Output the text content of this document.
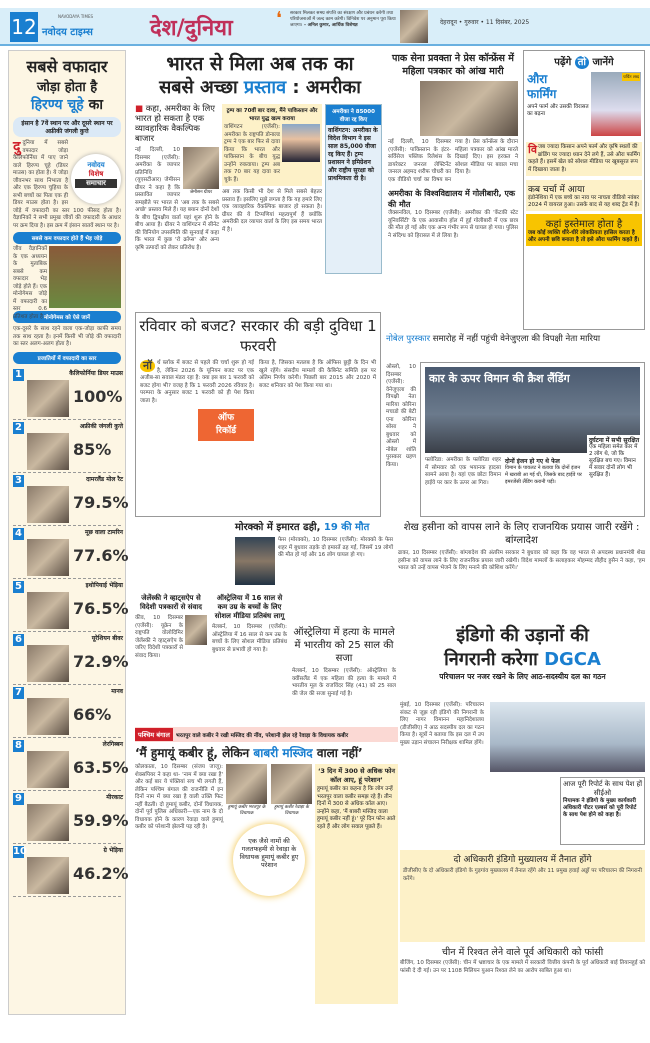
12	NAVODAYA TIMES
नवोदय टाइम्स	देश/दुनिया ❛ सरकार मिलकर समग्र संपत्ति का संरक्षण और प्रबंधन करेगी तथा परियोजनाओं में जल्द काम करेगी। विनिवेश पर अनुमान पूरा किया जाएगा। – अनिल कुमार, आर्थिक विशेषज्ञ	देहरादून • गुरुवार • 11 दिसंबर, 2025
सबसे वफादार
जोड़ा होता है
हिरण्य चूहे का
इंसान है 7वें स्थान पर और दूसरे स्थान पर अफ्रीकी जंगली कुत्ते
नवोदय
विशेष
समाचार
दुदुनिया में सबसे वफादार जोड़ा कैलिफोर्निया में पाए जाने वाले हिरण्य चूहे (डियर माउस) का होता है। ये जोड़ा जीवनभर साथ निभाता है और एक हिरण्य चुहिया के सभी बच्चों का पिता एक ही डियर माउस होता है। इस जोड़े में वफादारी का स्तर 100 फीसद होता है। वैज्ञानिकों ने सभी प्रमुख जीवों की वफादारी के आधार पर क्रम दिया है। इस क्रम में इंसान सातवें स्थान पर है।
सबसे कम वफादार होते हैं भेड़ जोड़े
जीव वैज्ञानिकों के एक अध्ययन के मुताबिक सबसे कम वफादार भेड़ जोड़े होते हैं। एक मोनोगेमस जोड़े में वफादारी का स्तर 0.6 प्रतिशत होता है। मोनोगेमस को ऐसे जानें
एक-दूसरे के साथ रहने वाला एक-जोड़ा काफी समय तक साथ रहता है। इनमें किसी भी जोड़े की वफादारी का स्तर अलग-अलग होता है।
प्रजातियों में वफादारी का स्तर
1	कैलिफोर्निया डियर माउस
100%
2	अफ्रीकी जंगली कुत्ते
85%
3	दामरलैंड मोल रैट
79.5%
4	मूछ वाला टामरिन
77.6%
5	इथोपियाई भेड़िया
76.5%
6	यूरेशियन बीवर
72.9%
7	मानव
66%
8	लेरगिब्बन
63.5%
9	मीरकाट
59.9%
10	ग्रे भेड़िया
46.2%
भारत से मिला अब तक का
सबसे अच्छा प्रस्ताव : अमरीका
■ कहा, अमरीका के लिए भारत हो सकता है एक व्यावहारिक वैकल्पिक बाजार
जेमीसन ग्रीयर
नई दिल्ली, 10 दिसम्बर (एजेंसी): अमरीका के व्यापार प्रतिनिधि (यूएसटीआर) जेमीसन ग्रीयर ने कहा है कि प्रस्तावित व्यापार समझौते पर भारत से 'अब तक के सबसे अच्छे' प्रस्ताव मिले हैं। यह बयान दोनों देशों के बीच द्विपक्षीय वार्ता यहां शुरू होने के बीच आया है। ग्रीयर ने वाशिंगटन में सीनेट की विनियोग उपसमिति की सुनवाई में कहा कि भारत में कुछ 'रो क्रॉप्स' और अन्य कृषि उत्पादों को लेकर प्रतिरोध है।
ट्रम्प का 70वीं बार दावा, मैंने पाकिस्तान और भारत युद्ध खत्म कराया
वाशिंगटन (एजेंसी): अमरीका के राष्ट्रपति डोनाल्ड ट्रम्प ने एक बार फिर से दावा किया कि भारत और पाकिस्तान के बीच युद्ध उन्होंने रुकवाया। ट्रम्प अब तक 70 बार यह दावा कर चुके हैं।
अब तक किसी भी देश से मिले सबसे बेहतर प्रस्ताव हैं। इसलिए मुझे लगता है कि यह हमारे लिए एक व्यावहारिक वैकल्पिक बाजार हो सकता है। ग्रीयर की ये टिप्पणियां महत्वपूर्ण हैं क्योंकि अमरीकी दल व्यापार वार्ता के लिए इस समय भारत में है।
अमरीका ने 85000 वीजा रद्द किए
वाशिंगटन: अमरीका के विदेश विभाग ने इस साल 85,000 वीजा रद्द किए हैं। ट्रम्प प्रशासन ने इमिग्रेशन और राष्ट्रीय सुरक्षा को प्राथमिकता दी है।
पाक सेना प्रवक्ता ने प्रेस कॉन्फ्रेंस में महिला पत्रकार को आंख मारी
नई दिल्ली, 10 दिसम्बर (एजेंसी): पाकिस्तान के इंटर-सर्विसेज पब्लिक रिलेशंस के डायरेक्टर जनरल लेफ्टिनेंट जनरल अहमद शरीफ चौधरी का एक वीडियो चर्चा का विषय बन गया है। प्रेस कॉन्फ्रेंस के दौरान महिला पत्रकार को आंख मारते दिखाई दिए। इस हरकत ने सोशल मीडिया पर बवाल मचा दिया है।
अमरीका के विश्वविद्यालय में गोलीबारी, एक की मौत
जैक्सनविल, 10 दिसम्बर (एजेंसी): अमरीका की 'केंटकी स्टेट यूनिवर्सिटी' के एक आवासीय हॉल में हुई गोलीबारी में एक छात्र की मौत हो गई और एक अन्य गंभीर रूप से घायल हो गया। पुलिस ने संदिग्ध को हिरासत में ले लिया है।
पढ़ेंगे तो जानेंगे
औरा
फार्मिंग
अपने फार्म और उसकी विरासत का बढ़ना
चर्चित शब्द
विजब ज्यादा किसान अपने फार्म और कृषि स्थलों की ब्रांडिंग पर ज्यादा ध्यान देने लगे हैं, उसे औरा फार्मिंग कहते हैं। इसमें खेत को सोशल मीडिया पर खूबसूरत रूप में दिखाया जाता है।
कब चर्चा में आया
इंडोनेशिया में एक बच्चे का नाव पर नाचता वीडियो नवंबर 2024 में वायरल हुआ। उसके बाद से यह शब्द ट्रेंड में है।
कहां इस्तेमाल होता है
जब कोई व्यक्ति धीरे-धीरे लोकप्रियता हासिल करता है और अपनी छवि बनाता है तो इसे औरा फार्मिंग कहते हैं।
रविवार को बजट? सरकार की बड़ी दुविधा 1 फरवरी
नॉ र्थ ब्लॉक में बजट से पहले की चर्चा शुरू हो गई है, लेकिन 2026 के यूनियन बजट पर एक अजीब-सा सवाल मंडरा रहा है: क्या इस बार 1 फरवरी को बजट होगा भी? वजह है कि 1 फरवरी 2026 रविवार है। परम्परा के अनुसार बजट 1 फरवरी को ही पेश किया जाता है।
ऑफ
रिकॉर्ड
किया है, जिसका मतलब है कि ऑफिस छुट्टी के दिन भी खुले रहेंगे। संसदीय मामलों की कैबिनेट समिति इस पर अंतिम निर्णय करेगी। पिछली बार 2015 और 2020 में बजट शनिवार को पेश किया गया था।
नोबेल पुरस्कार समारोह में नहीं पहुंची वेनेजुएला की विपक्षी नेता मारिया
ओस्लो, 10 दिसम्बर (एजेंसी): वेनेजुएला की विपक्षी नेता मारिया कोरिना मचाडो की बेटी एना कोरिना सोसा ने बुधवार को ओस्लो में नोबेल शांति पुरस्कार ग्रहण किया।
कार के ऊपर विमान की क्रैश लैंडिंग
दुर्घटना में सभी सुरक्षित
एक महिला समेत कार में 2 लोग थे, जो कि सुरक्षित बच गए। विमान में सवार दोनों लोग भी सुरक्षित हैं।
फ्लोरिडा: अमरीका के फ्लोरिडा शहर में सोमवार को एक भयानक हादसा सामने आया है। यहां एक छोटा विमान हाईवे पर कार के ऊपर आ गिरा।
दोनों इंजन हो गए थे फेल
विमान के पायलट ने बताया कि दोनों इंजन में खराबी आ गई थी, जिसके बाद हाईवे पर इमरजेंसी लैंडिंग करानी पड़ी।
मोरक्को में इमारत ढही, 19 की मौत
फेस (मोरक्को), 10 दिसम्बर (एजेंसी): मोरक्को के फेस शहर में बुधवार तड़के दो इमारतें ढह गईं, जिसमें 19 लोगों की मौत हो गई और 16 लोग घायल हो गए।
शेख हसीना को वापस लाने के लिए राजनयिक प्रयास जारी रखेंगे : बांग्लादेश
ढाका, 10 दिसम्बर (एजेंसी): बांग्लादेश की अंतरिम सरकार ने बुधवार को कहा कि वह भारत से अपदस्थ प्रधानमंत्री शेख हसीना को वापस लाने के लिए राजनयिक प्रयास जारी रखेगी। विदेश मामलों के सलाहकार मोहम्मद तौहीद हुसैन ने कहा, 'हम भारत को उन्हें वापस भेजने के लिए मनाने की कोशिश करेंगे।'
जेलेंस्की ने व्हाट्सऐप से विदेशी पत्रकारों से संवाद
कीव, 10 दिसम्बर (एजेंसी): यूक्रेन के राष्ट्रपति वोलोदिमिर जेलेंस्की ने व्हाट्सऐप के जरिए विदेशी पत्रकारों से संवाद किया।
ऑस्ट्रेलिया में 16 साल से कम उम्र के बच्चों के लिए सोशल मीडिया प्रतिबंध लागू
मेलबर्न, 10 दिसम्बर (एजेंसी): ऑस्ट्रेलिया में 16 साल से कम उम्र के बच्चों के लिए सोशल मीडिया प्रतिबंध बुधवार से प्रभावी हो गया है।
ऑस्ट्रेलिया में हत्या के मामले में भारतीय को 25 साल की सजा
मेलबर्न, 10 दिसम्बर (एजेंसी): ऑस्ट्रेलिया के क्वींसलैंड में एक महिला की हत्या के मामले में भारतीय मूल के राजविंदर सिंह (41) को 25 साल की जेल की सजा सुनाई गई है।
इंडिगो की उड़ानों की
निगरानी करेगा DGCA
परिचालन पर नजर रखने के लिए आठ-सदस्यीय दल का गठन
मुंबई, 10 दिसम्बर (एजेंसी): परिचालन संकट से जूझ रही इंडिगो की निगरानी के लिए नागर विमानन महानिदेशालय (डीजीसीए) ने आठ सदस्यीय दल का गठन किया है। सूत्रों ने बताया कि इस दल में उप मुख्य उड़ान संचालन निरीक्षक शामिल होंगे।
आज पूरी रिपोर्ट के साथ पेश हों सीईओ
नियामक ने इंडिगो के मुख्य कार्यकारी अधिकारी पीटर एल्बर्स को पूरी रिपोर्ट के साथ पेश होने को कहा है।
दो अधिकारी इंडिगो मुख्यालय में तैनात होंगे
डीजीसीए के दो अधिकारी इंडिगो के गुड़गांव मुख्यालय में तैनात रहेंगे और 11 प्रमुख हवाई अड्डों पर परिचालन की निगरानी करेंगे।
चीन में रिश्वत लेने वाले पूर्व अधिकारी को फांसी
बीजिंग, 10 दिसम्बर (एजेंसी): चीन में भ्रष्टाचार के एक मामले में सरकारी वित्तीय कंपनी के पूर्व अधिकारी बाई तियानहुई को फांसी दे दी गई। उन पर 1108 मिलियन युआन रिश्वत लेने का आरोप साबित हुआ था।
पश्चिम बंगाल	भरतपुर वाले कबीर ने रखी मस्जिद की नींव, परेशानी झेल रहे रेवाड़ा के विधायक कबीर
‘मैं हुमायूं कबीर हूं, लेकिन बाबरी मस्जिद वाला नहीं’
कोलकाता, 10 दिसम्बर (संजय जाजू): शेक्सपियर ने कहा था- 'नाम में क्या रखा है' और कई बार ये पंक्तियां सच भी लगती हैं, लेकिन पश्चिम बंगाल की राजनीति में इन दिनों नाम में क्या रखा है वाली उक्ति फिट नहीं बैठती। दो हुमायूं कबीर, दोनों विधायक, दोनों पूर्व पुलिस अधिकारी—एक नाम के दो विधायक होने के कारण रेवाड़ा वाले हुमायूं कबीर को परेशानी झेलनी पड़ रही है।
हुमायूं कबीर भरतपुर के विधायक
हुमायूं कबीर रेवाड़ा के विधायक
एक जैसे नामों की गलतफहमी से रेवाड़ा के विधायक हुमायूं कबीर हुए परेशान
‘3 दिन में 300 से अधिक फोन कॉल आए, हूं परेशान’
हुमायूं कबीर का कहना है कि लोग उन्हें भरतपुर वाला कबीर समझ रहे हैं। तीन दिनों में 300 से अधिक कॉल आए। उन्होंने कहा, 'मैं बाबरी मस्जिद वाला हुमायूं कबीर नहीं हूं।' पूरे दिन फोन आते रहते हैं और लोग सवाल पूछते हैं।
